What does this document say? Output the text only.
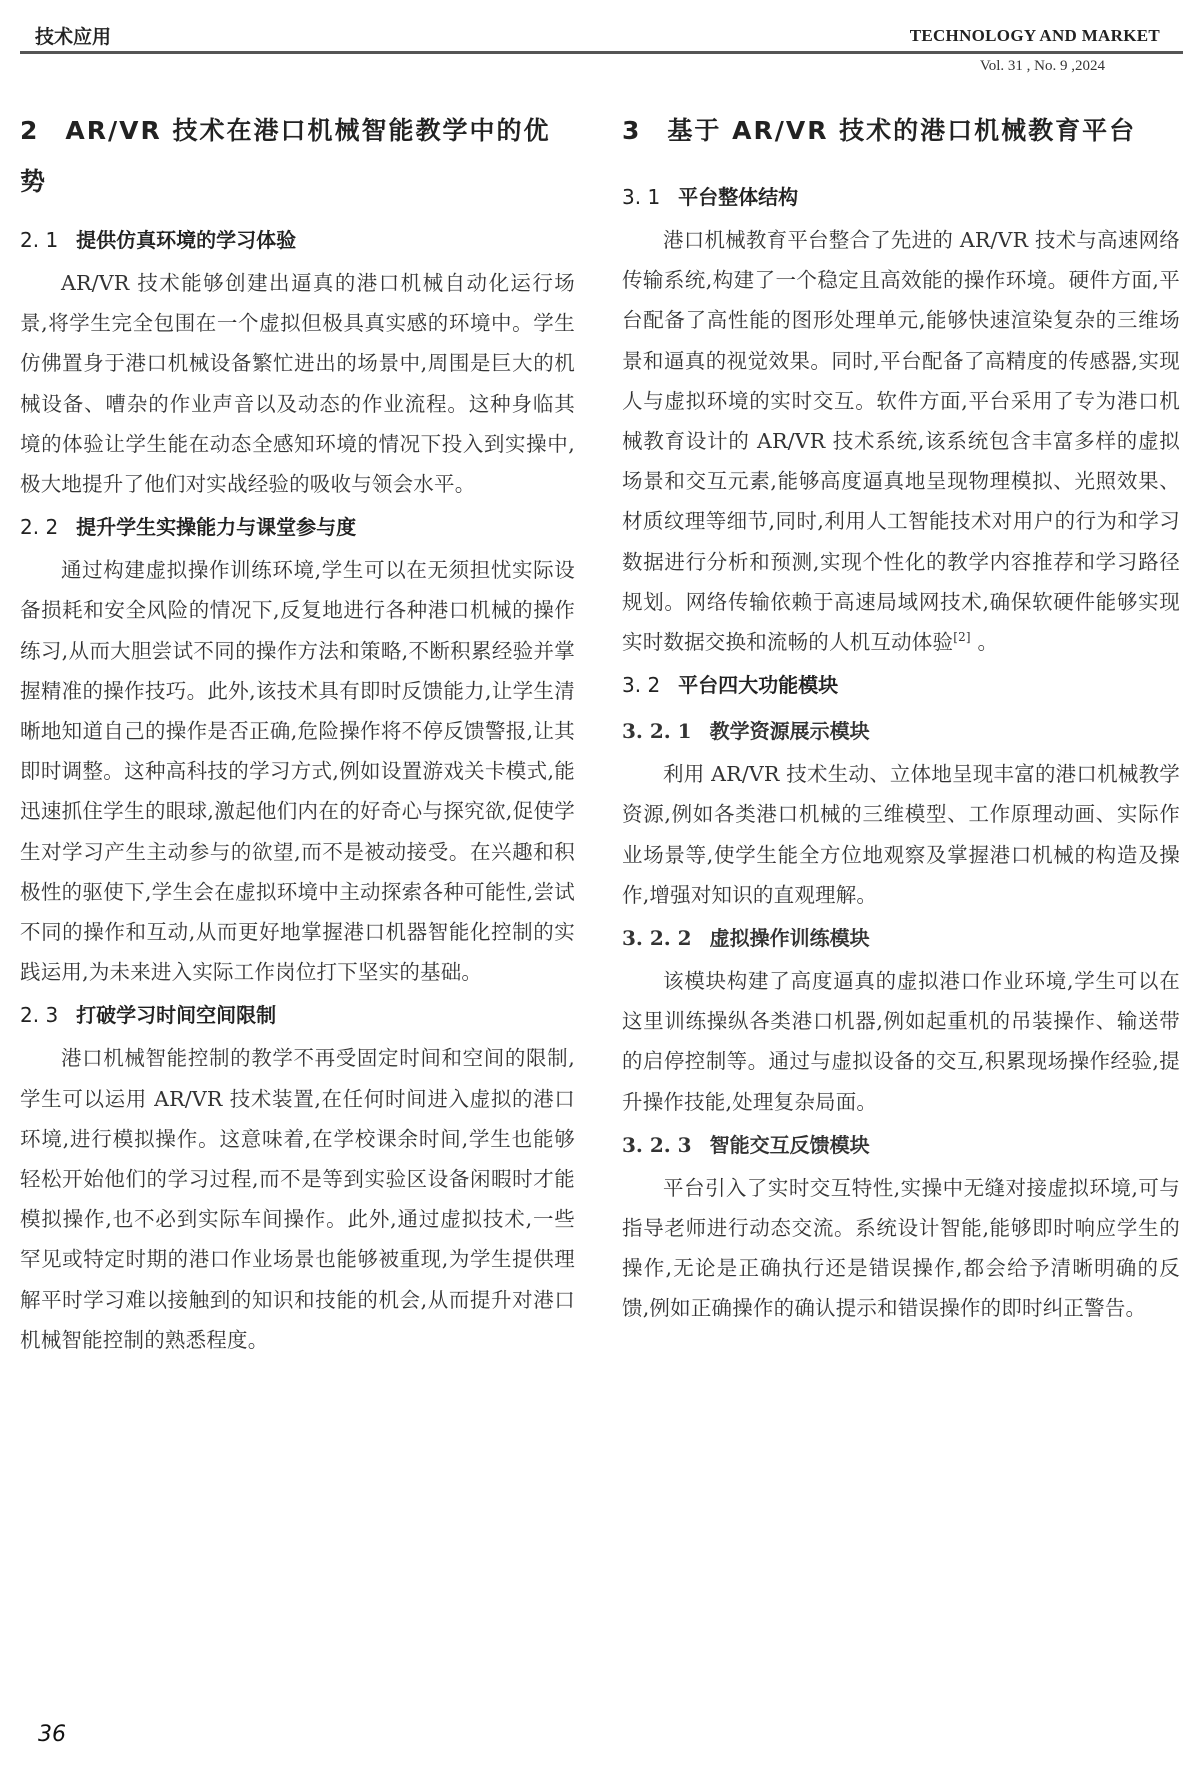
技术应用	TECHNOLOGY AND MARKET
Vol. 31 , No. 9 ,2024
2 AR/VR 技术在港口机械智能教学中的优势
2. 1 提供仿真环境的学习体验

AR/VR 技术能够创建出逼真的港口机械自动化运行场景,将学生完全包围在一个虚拟但极具真实感的环境中。学生仿佛置身于港口机械设备繁忙进出的场景中,周围是巨大的机械设备、嘈杂的作业声音以及动态的作业流程。这种身临其境的体验让学生能在动态全感知环境的情况下投入到实操中,极大地提升了他们对实战经验的吸收与领会水平。

2. 2 提升学生实操能力与课堂参与度

通过构建虚拟操作训练环境,学生可以在无须担忧实际设备损耗和安全风险的情况下,反复地进行各种港口机械的操作练习,从而大胆尝试不同的操作方法和策略,不断积累经验并掌握精准的操作技巧。此外,该技术具有即时反馈能力,让学生清晰地知道自己的操作是否正确,危险操作将不停反馈警报,让其即时调整。这种高科技的学习方式,例如设置游戏关卡模式,能迅速抓住学生的眼球,激起他们内在的好奇心与探究欲,促使学生对学习产生主动参与的欲望,而不是被动接受。在兴趣和积极性的驱使下,学生会在虚拟环境中主动探索各种可能性,尝试不同的操作和互动,从而更好地掌握港口机器智能化控制的实践运用,为未来进入实际工作岗位打下坚实的基础。

2. 3 打破学习时间空间限制

港口机械智能控制的教学不再受固定时间和空间的限制,学生可以运用 AR/VR 技术装置,在任何时间进入虚拟的港口环境,进行模拟操作。这意味着,在学校课余时间,学生也能够轻松开始他们的学习过程,而不是等到实验区设备闲暇时才能模拟操作,也不必到实际车间操作。此外,通过虚拟技术,一些罕见或特定时期的港口作业场景也能够被重现,为学生提供理解平时学习难以接触到的知识和技能的机会,从而提升对港口机械智能控制的熟悉程度。

3 基于 AR/VR 技术的港口机械教育平台
3. 1 平台整体结构

港口机械教育平台整合了先进的 AR/VR 技术与高速网络传输系统,构建了一个稳定且高效能的操作环境。硬件方面,平台配备了高性能的图形处理单元,能够快速渲染复杂的三维场景和逼真的视觉效果。同时,平台配备了高精度的传感器,实现人与虚拟环境的实时交互。软件方面,平台采用了专为港口机械教育设计的 AR/VR 技术系统,该系统包含丰富多样的虚拟场景和交互元素,能够高度逼真地呈现物理模拟、光照效果、材质纹理等细节,同时,利用人工智能技术对用户的行为和学习数据进行分析和预测,实现个性化的教学内容推荐和学习路径规划。网络传输依赖于高速局域网技术,确保软硬件能够实现实时数据交换和流畅的人机互动体验[2] 。

3. 2 平台四大功能模块
3. 2. 1 教学资源展示模块

利用 AR/VR 技术生动、立体地呈现丰富的港口机械教学资源,例如各类港口机械的三维模型、工作原理动画、实际作业场景等,使学生能全方位地观察及掌握港口机械的构造及操作,增强对知识的直观理解。

3. 2. 2 虚拟操作训练模块

该模块构建了高度逼真的虚拟港口作业环境,学生可以在这里训练操纵各类港口机器,例如起重机的吊装操作、输送带的启停控制等。通过与虚拟设备的交互,积累现场操作经验,提升操作技能,处理复杂局面。

3. 2. 3 智能交互反馈模块

平台引入了实时交互特性,实操中无缝对接虚拟环境,可与指导老师进行动态交流。系统设计智能,能够即时响应学生的操作,无论是正确执行还是错误操作,都会给予清晰明确的反馈,例如正确操作的确认提示和错误操作的即时纠正警告。

36
